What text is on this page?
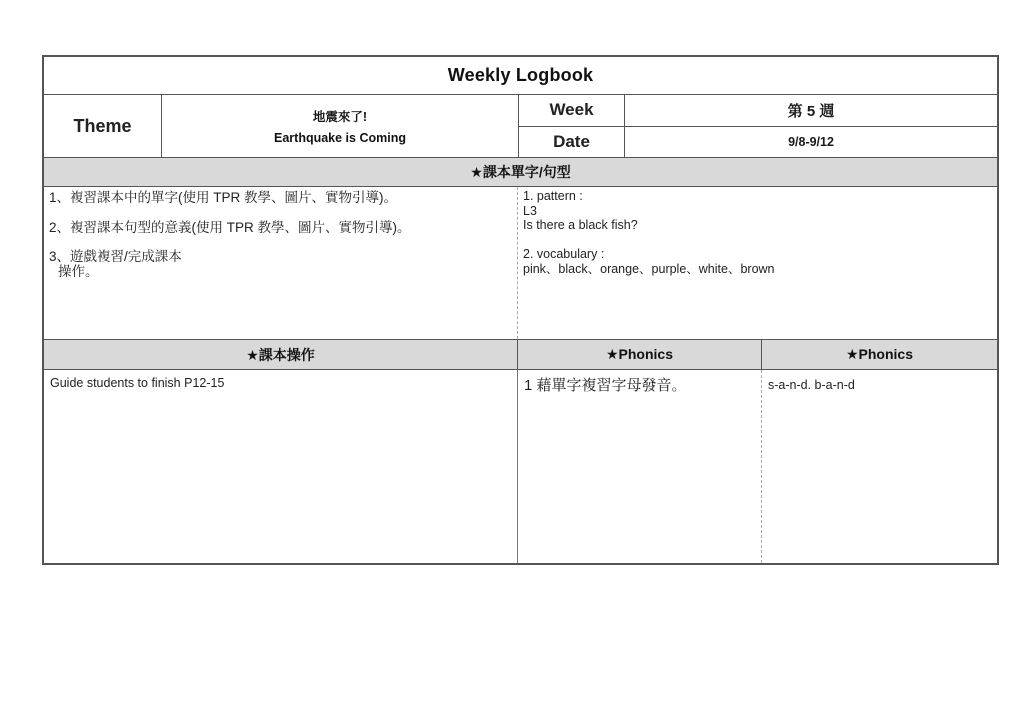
Weekly Logbook
Theme	地震來了!
Earthquake is Coming
Week	第 5 週
Date	9/8-9/12
★課本單字/句型

1、複習課本中的單字(使用 TPR 教學、圖片、實物引導)。

2、複習課本句型的意義(使用 TPR 教學、圖片、實物引導)。

3、遊戲複習/完成課本

操作。

1. pattern :
L3
Is there a black fish?
2. vocabulary :
pink、black、orange、purple、white、brown
★課本操作	★Phonics	★Phonics
Guide students to finish P12-15	1 藉單字複習字母發音。	s-a-n-d. b-a-n-d
